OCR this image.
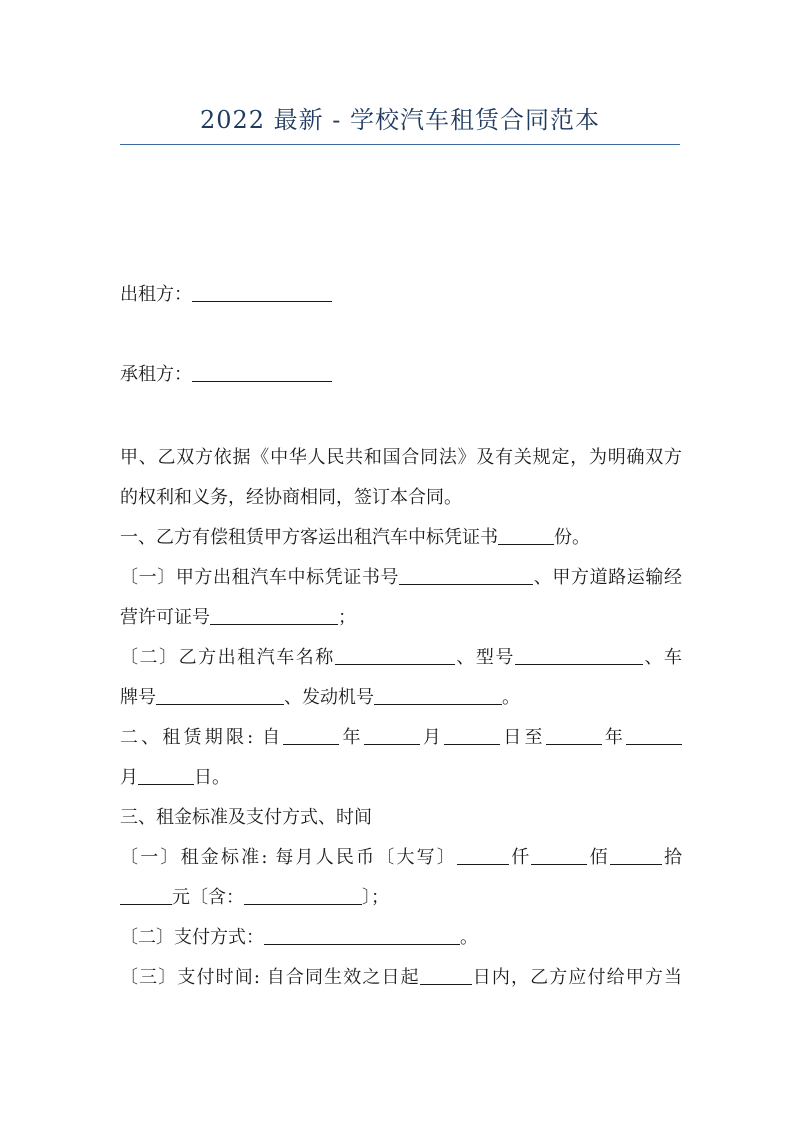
2022 最新 - 学校汽车租赁合同范本
出租方：
承租方：
甲、乙双方依据《中华人民共和国合同法》及有关规定，为明确双方
的权利和义务，经协商相同，签订本合同。
一、乙方有偿租赁甲方客运出租汽车中标凭证书	份。
〔一〕甲方出租汽车中标凭证书号	、甲方道路运输经
营许可证号	；
〔二〕乙方出租汽车名称	、型号	、车
牌号	、发动机号	。
二、租赁期限: 自	年	月	日至	年
月	日。
三、租金标准及支付方式、时间
〔一〕租金标准: 每月人民币〔大写〕	仟	佰	拾
元〔含：	〕；
〔二〕支付方式：	。
〔三〕支付时间: 自合同生效之日起	日内，乙方应付给甲方当
